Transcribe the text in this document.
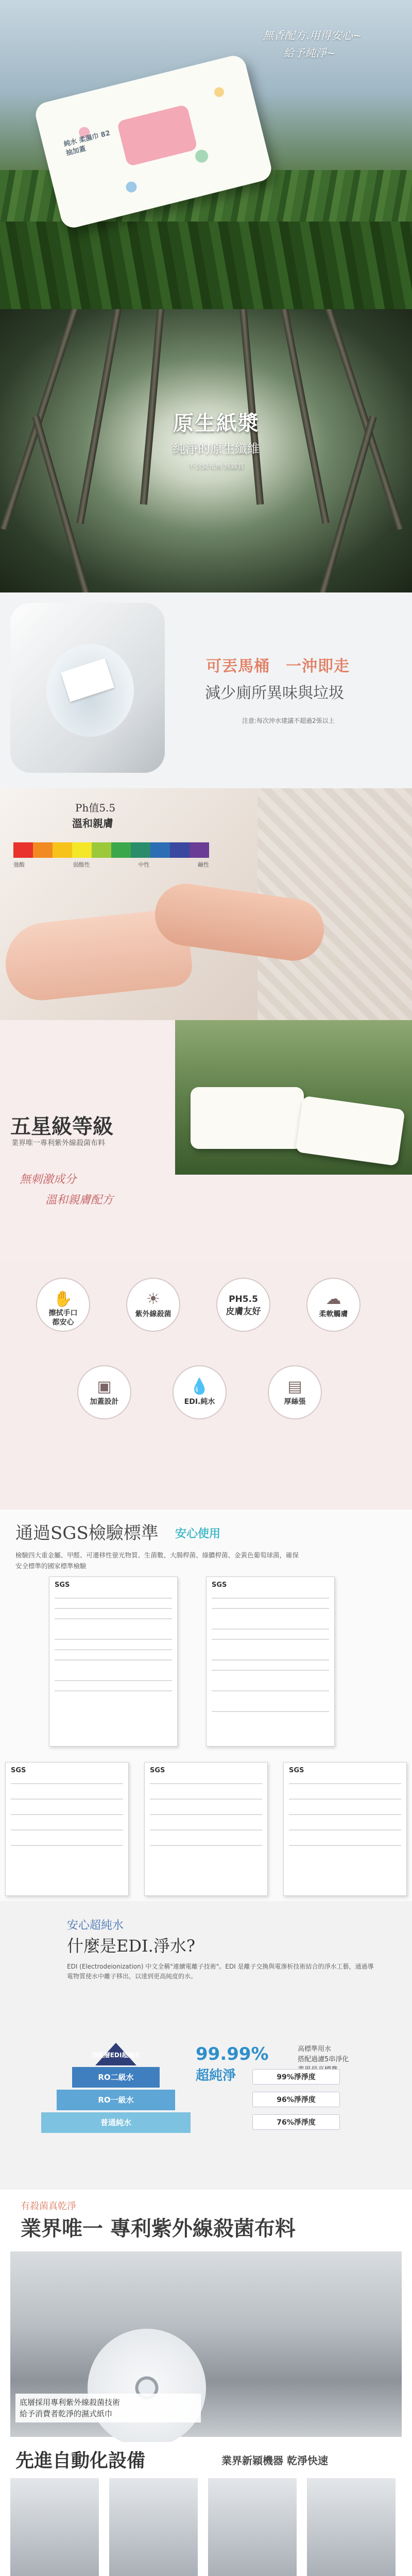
無香配方.用得安心~
給予純淨~
純水 柔濕巾 82抽加蓋
原生紙漿
純淨的原生纖維
不含螢光劑 無雜質
可丟馬桶　一沖即走
減少廁所異味與垃圾
注意:每次沖水建議不超過2張以上
Ph值5.5
溫和親膚
強酸	弱酸性	中性	鹼性
五星級等級
業界唯一專利紫外線殺菌布料
無刺激成分
溫和親膚配方
✋
擦拭手口
都安心
☀
紫外線殺菌
PH5.5
皮膚友好
☁
柔軟觸膚
▣
加蓋設計
💧
EDI.純水
▤
厚絲張
通過SGS檢驗標準 安心使用
檢驗四大重金屬、甲醛、可遷移性螢光物質、生菌數、大腸桿菌、綠膿桿菌、金黃色葡萄球菌，確保安全標準的國家標準檢驗
SGS	SGS
SGS	SGS	SGS
安心超純水
什麼是EDI.淨水?
EDI (Electrodeionization) 中文全稱"連續電離子技術"。EDI 是離子交換與電滲析技術結合的淨水工藝，通過導電物質使水中離子移出，以達到更高純度的水。
頂級層EDI超純水
RO二級水
RO一級水
普通純水
99.99%
超純淨
高標準用水
搭配過濾5串淨化
99%淨淨度
96%淨淨度
76%淨淨度
有殺菌真乾淨
業界唯一 專利紫外線殺菌布料
底層採用專利紫外線殺菌技術
給予消費者乾淨的濕式紙巾
先進自動化設備	業界新穎機器 乾淨快速
